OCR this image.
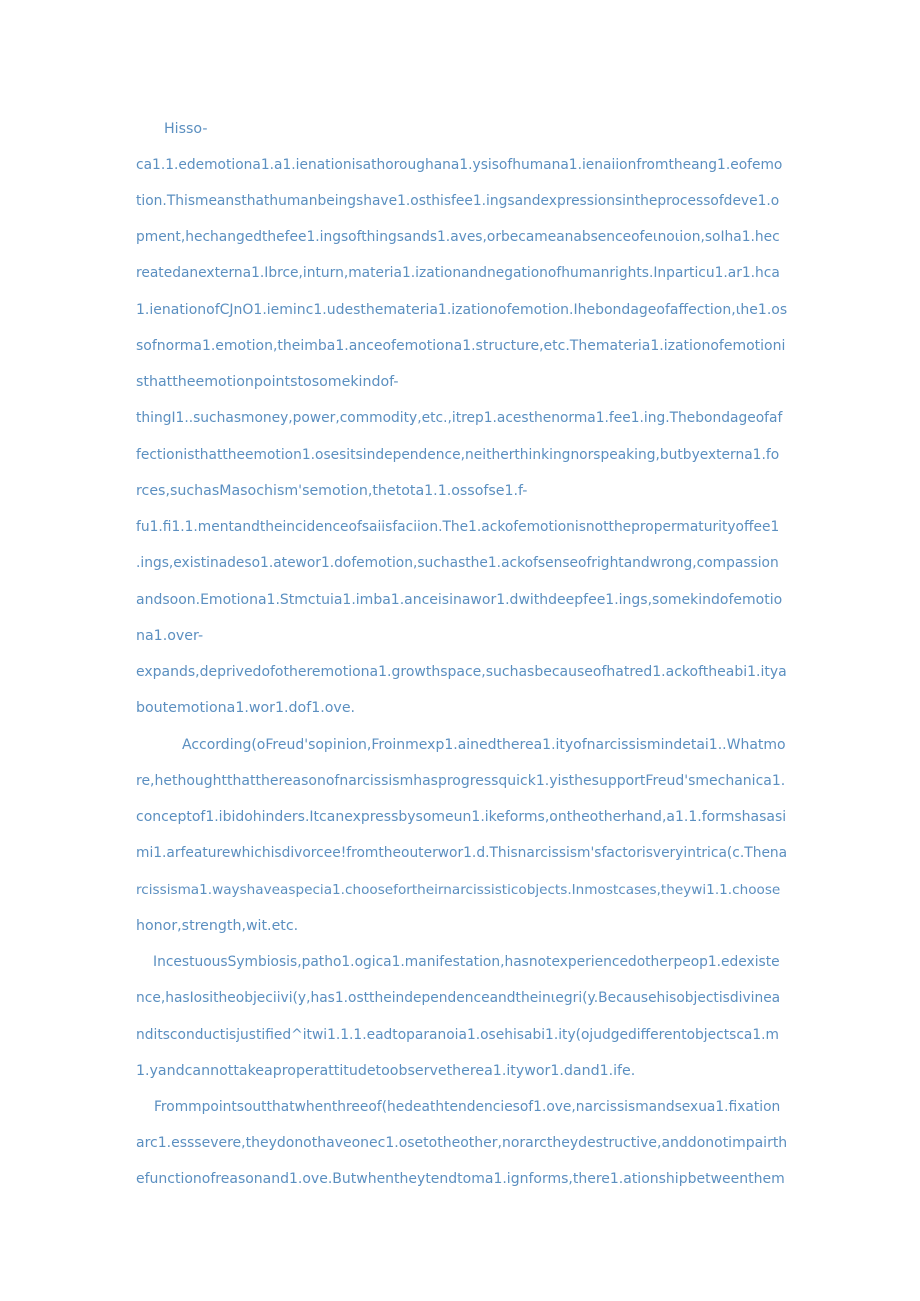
Hisso-

ca1.1.edemotiona1.a1.ienationisathoroughana1.ysisofhumana1.ienaiionfromtheang1.eofemo

tion.Thismeansthathumanbeingshave1.osthisfee1.ingsandexpressionsintheprocessofdeve1.o

pment,hechangedthefee1.ingsofthingsands1.aves,orbecameanabsenceofeιnoιion,soIha1.hec

reatedanexterna1.Ibrce,inturn,materia1.izationandnegationofhumanrights.Inparticu1.ar1.hca

1.ienationofCJnO1.ieminc1.udesthemateria1.izationofemotion.Ihebondageofaffection,ιhe1.os

sofnorma1.emotion,theimba1.anceofemotiona1.structure,etc.Themateria1.izationofemotioni

sthattheemotionpointstosomekindof-

thingI1..suchasmoney,power,commodity,etc.,itrep1.acesthenorma1.fee1.ing.Thebondageofaf

fectionisthattheemotion1.osesitsindependence,neitherthinkingnorspeaking,butbyexterna1.fo

rces,suchasMasochism'semotion,thetota1.1.ossofse1.f-

fu1.fi1.1.mentandtheincidenceofsaiisfaciion.The1.ackofemotionisnotthepropermaturityoffee1

.ings,existinadeso1.atewor1.dofemotion,suchasthe1.ackofsenseofrightandwrong,compassion

andsoon.Emotiona1.Stmctuia1.imba1.anceisinawor1.dwithdeepfee1.ings,somekindofemotio

na1.over-

expands,deprivedofotheremotiona1.growthspace,suchasbecauseofhatred1.ackoftheabi1.itya

boutemotiona1.wor1.dof1.ove.

According(oFreud'sopinion,Froinmexp1.ainedtherea1.ityofnarcissismindetai1..Whatmo

re,hethoughtthatthereasonofnarcissismhasprogressquick1.yisthesupportFreud'smechanica1.

conceptof1.ibidohinders.Itcanexpressbysomeun1.ikeforms,ontheotherhand,a1.1.formshasasi

mi1.arfeaturewhichisdivorcee!fromtheouterwor1.d.Thisnarcissism'sfactorisveryintrica(c.Thena

rcissisma1.wayshaveaspecia1.choosefortheirnarcissisticobjects.Inmostcases,theywi1.1.choose

honor,strength,wit.etc.

IncestuousSymbiosis,patho1.ogica1.manifestation,hasnotexperiencedotherpeop1.edexiste

nce,hasIositheobjeciivi(y,has1.osttheindependenceandtheinιegri(y.Becausehisobjectisdivinea

nditsconductisjustified^itwi1.1.1.eadtoparanoia1.osehisabi1.ity(ojudgedifferentobjectsca1.m

1.yandcannottakeaproperattitudetoobservetherea1.itywor1.dand1.ife.

Frommpointsoutthatwhenthreeof(hedeathtendenciesof1.ove,narcissismandsexua1.fixation

arc1.esssevere,theydonothaveonec1.osetotheother,norarctheydestructive,anddonotimpairth

efunctionofreasonand1.ove.Butwhentheytendtoma1.ignforms,there1.ationshipbetweenthem
